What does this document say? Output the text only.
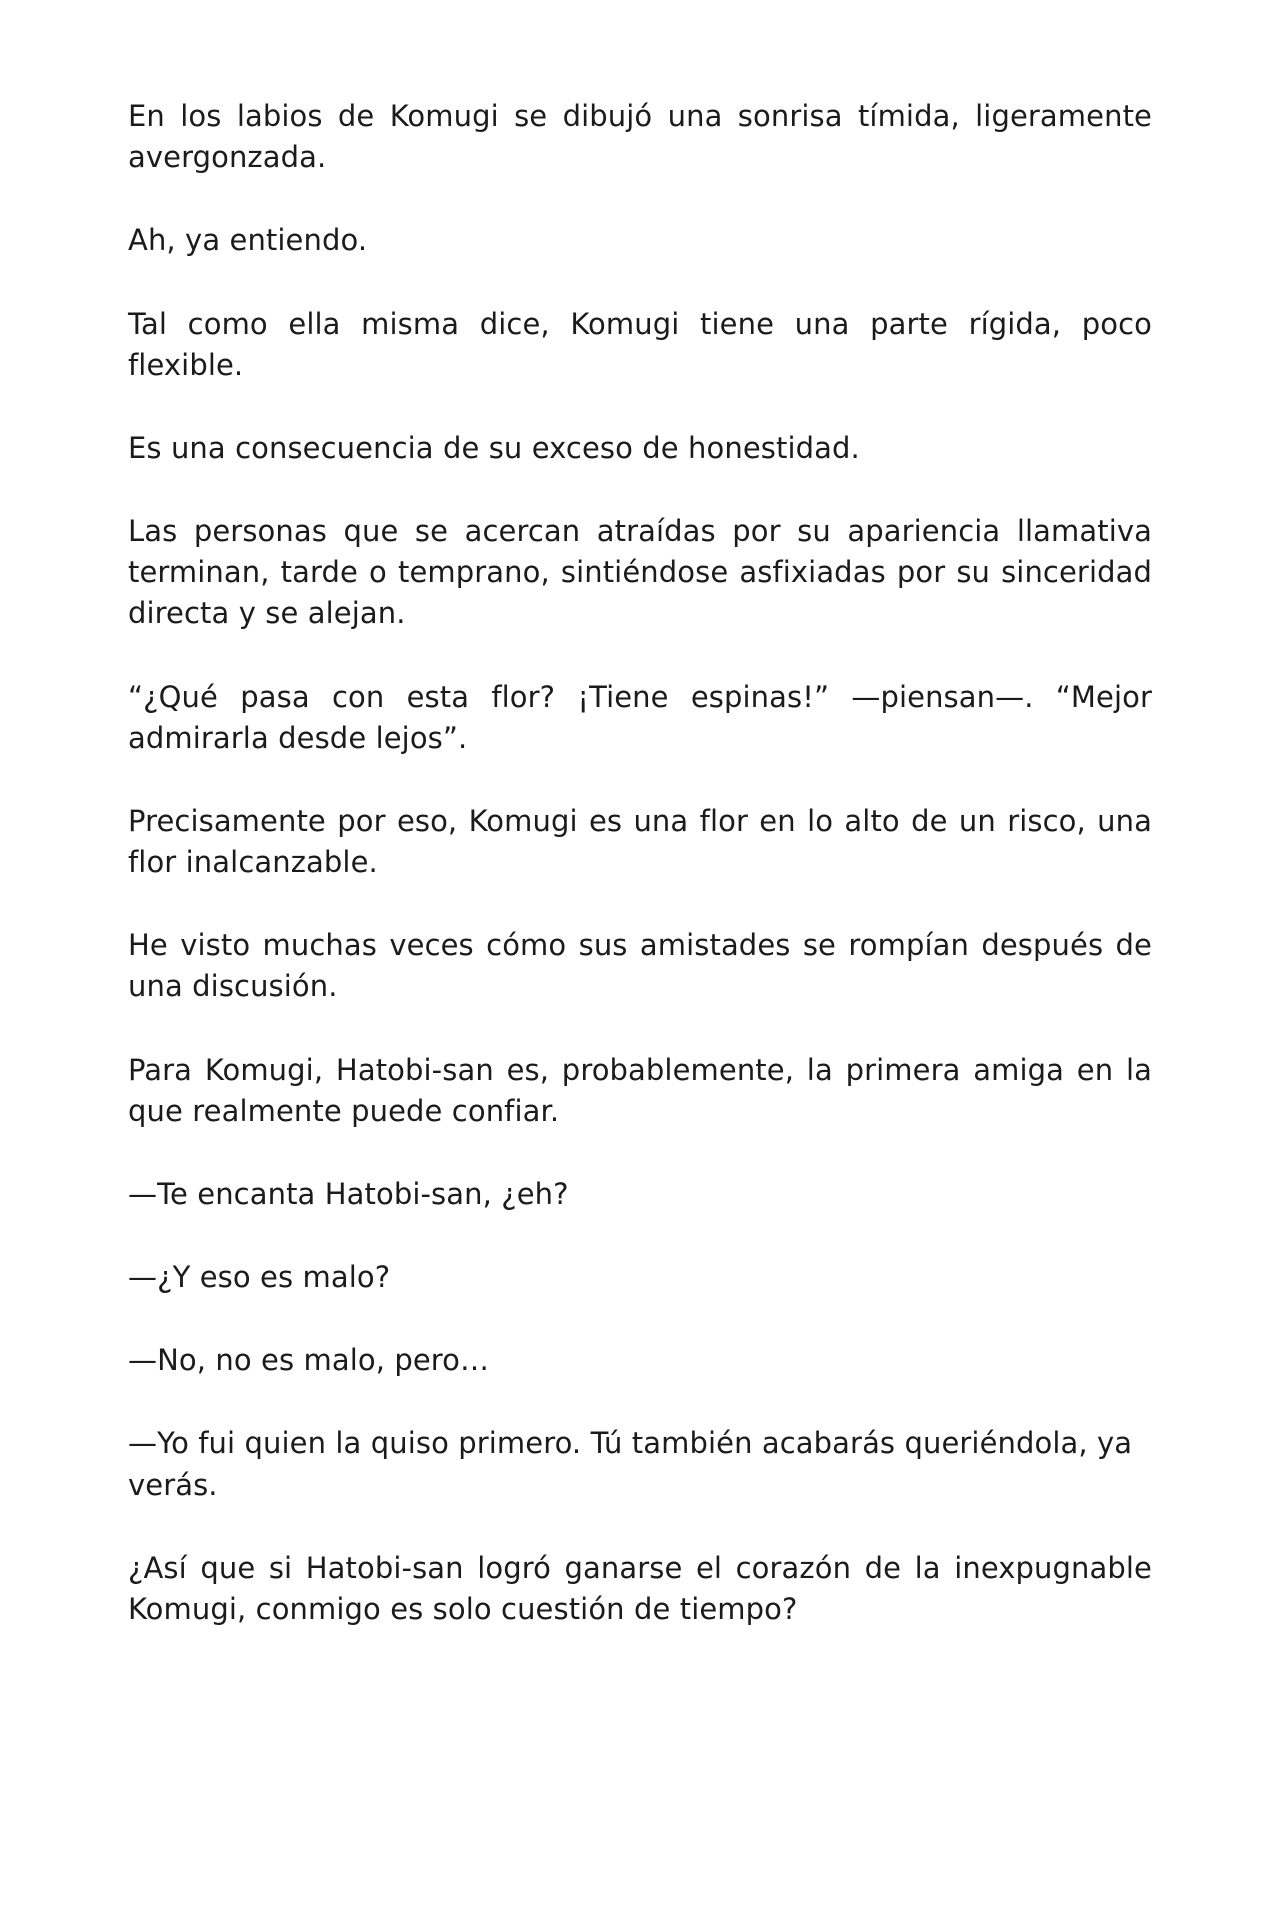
En los labios de Komugi se dibujó una sonrisa tímida, ligeramente avergonzada.

Ah, ya entiendo.

Tal como ella misma dice, Komugi tiene una parte rígida, poco flexible.

Es una consecuencia de su exceso de honestidad.

Las personas que se acercan atraídas por su apariencia llamativa terminan, tarde o temprano, sintiéndose asfixiadas por su sinceridad directa y se alejan.

“¿Qué pasa con esta flor? ¡Tiene espinas!” —piensan—. “Mejor admirarla desde lejos”.

Precisamente por eso, Komugi es una flor en lo alto de un risco, una flor inalcanzable.

He visto muchas veces cómo sus amistades se rompían después de una discusión.

Para Komugi, Hatobi-san es, probablemente, la primera amiga en la que realmente puede confiar.

—Te encanta Hatobi-san, ¿eh?

—¿Y eso es malo?

—No, no es malo, pero…

—Yo fui quien la quiso primero. Tú también acabarás queriéndola, ya verás.

¿Así que si Hatobi-san logró ganarse el corazón de la inexpugnable Komugi, conmigo es solo cuestión de tiempo?
